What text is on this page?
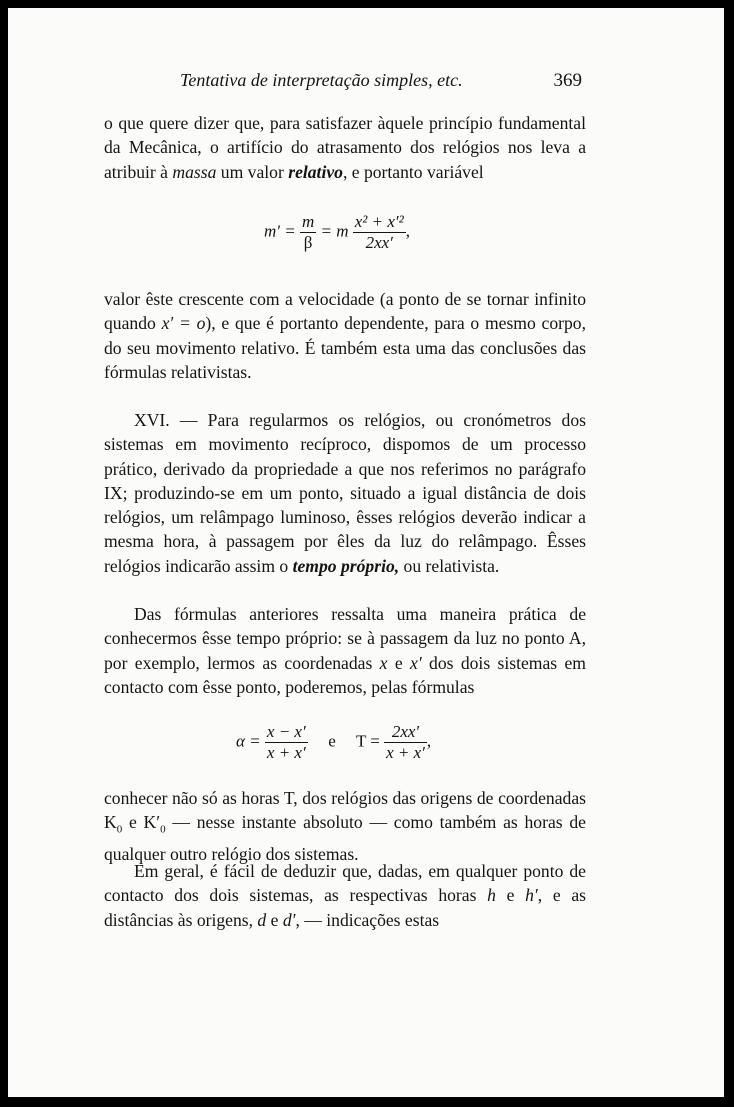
Tentativa de interpretação simples, etc.	369

o que quere dizer que, para satisfazer àquele princípio fundamental da Mecânica, o artifício do atrasamento dos relógios nos leva a atribuir à massa um valor relativo, e portanto variável

$m' = \frac{m}{\beta} = m \frac{\text{x² + x′²}}{2xx'}$ ,

valor êste crescente com a velocidade (a ponto de se tornar infinito quando x′ = o), e que é portanto dependente, para o mesmo corpo, do seu movimento relativo. É também esta uma das conclusões das fórmulas relativistas.

XVI. — Para regularmos os relógios, ou cronómetros dos sistemas em movimento recíproco, dispomos de um processo prático, derivado da propriedade a que nos referimos no parágrafo IX; produzindo-se em um ponto, situado a igual distância de dois relógios, um relâmpago luminoso, êsses relógios deverão indicar a mesma hora, à passagem por êles da luz do relâmpago. Êsses relógios indicarão assim o tempo próprio, ou relativista.

Das fórmulas anteriores ressalta uma maneira prática de conhecermos êsse tempo próprio: se à passagem da luz no ponto A, por exemplo, lermos as coordenadas x e x′ dos dois sistemas em contacto com êsse ponto, poderemos, pelas fórmulas

$\alpha = \frac{x - x'}{x + x'}$ e $T = \frac{2xx'}{x + x'}$ ,

conhecer não só as horas T, dos relógios das origens de coordenadas $K_0$ e $K'_0$ — nesse instante absoluto — como também as horas de qualquer outro relógio dos sistemas.

Em geral, é fácil de deduzir que, dadas, em qualquer ponto de contacto dos dois sistemas, as respectivas horas h e h′, e as distâncias às origens, d e d′, — indicações estas
